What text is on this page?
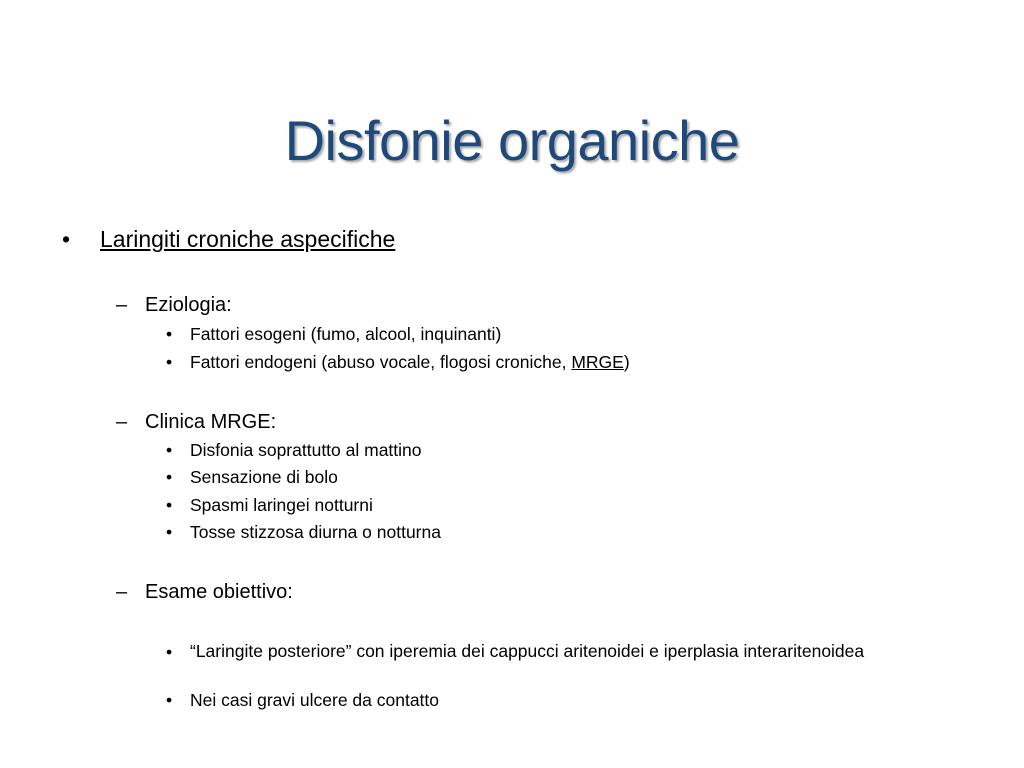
Disfonie organiche
• Laringiti croniche aspecifiche
– Eziologia:
• Fattori esogeni (fumo, alcool, inquinanti)
• Fattori endogeni (abuso vocale, flogosi croniche, MRGE)
– Clinica MRGE:
• Disfonia soprattutto al mattino
• Sensazione di bolo
• Spasmi laringei notturni
• Tosse stizzosa diurna o notturna
– Esame obiettivo:
• “Laringite posteriore” con iperemia dei cappucci aritenoidei e iperplasia interaritenoidea
• Nei casi gravi ulcere da contatto
